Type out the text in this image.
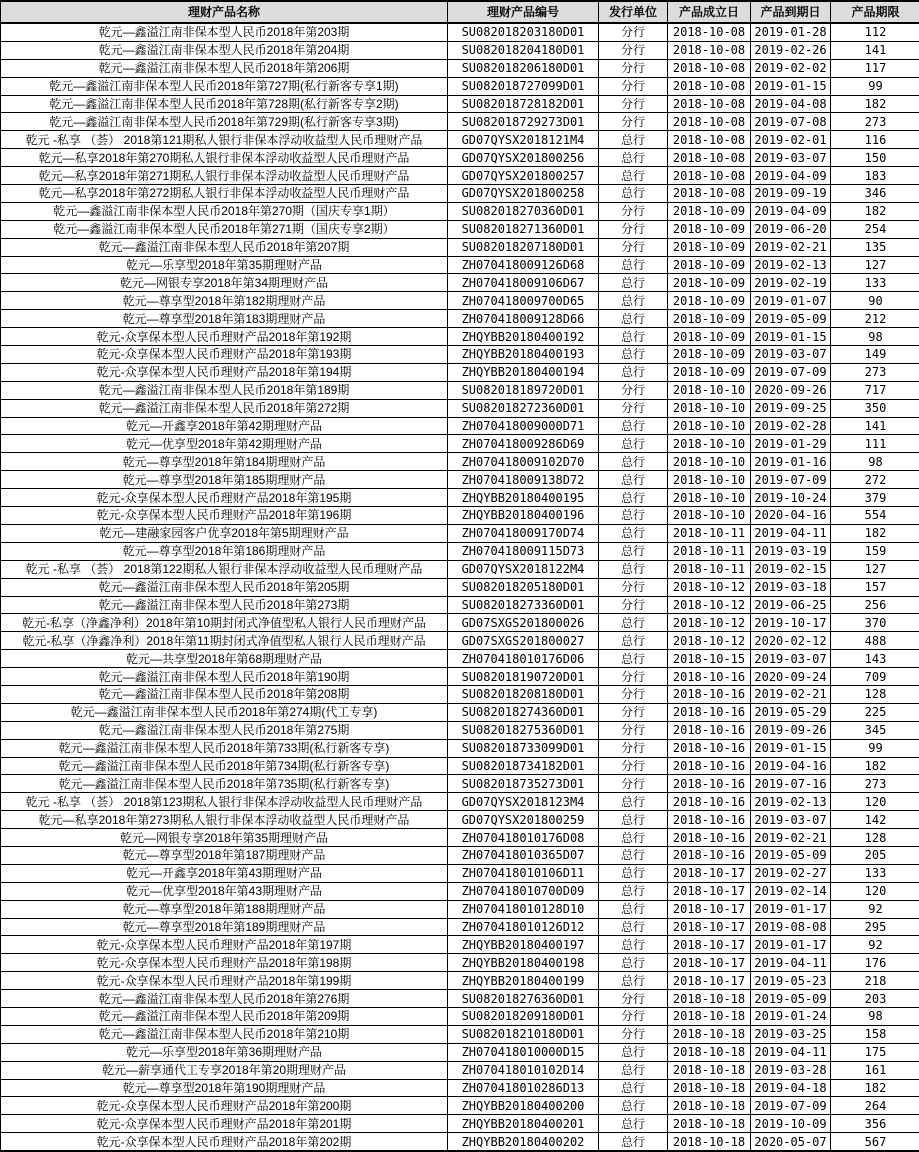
理财产品名称	理财产品编号	发行单位	产品成立日	产品到期日	产品期限
乾元—鑫溢江南非保本型人民币2018年第203期	SU082018203180D01	分行	2018-10-08 2019-01-28	112
乾元—鑫溢江南非保本型人民币2018年第204期	SU082018204180D01	分行	2018-10-08 2019-02-26	141
乾元—鑫溢江南非保本型人民币2018年第206期	SU082018206180D01	分行	2018-10-08 2019-02-02	117
乾元—鑫溢江南非保本型人民币2018年第727期(私行新客专享1期)	SU082018727099D01	分行	2018-10-08 2019-01-15	99
乾元—鑫溢江南非保本型人民币2018年第728期(私行新客专享2期)	SU082018728182D01	分行	2018-10-08 2019-04-08	182
乾元—鑫溢江南非保本型人民币2018年第729期(私行新客专享3期)	SU082018729273D01	分行	2018-10-08 2019-07-08	273
乾元 -私享 （荟） 2018第121期私人银行非保本浮动收益型人民币理财产品	GD07QYSX2018121M4	总行	2018-10-08 2019-02-01	116
乾元—私享2018年第270期私人银行非保本浮动收益型人民币理财产品	GD07QYSX201800256	总行	2018-10-08 2019-03-07	150
乾元—私享2018年第271期私人银行非保本浮动收益型人民币理财产品	GD07QYSX201800257	总行	2018-10-08 2019-04-09	183
乾元—私享2018年第272期私人银行非保本浮动收益型人民币理财产品	GD07QYSX201800258	总行	2018-10-08 2019-09-19	346
乾元—鑫溢江南非保本型人民币2018年第270期（国庆专享1期）	SU082018270360D01	分行	2018-10-09 2019-04-09	182
乾元—鑫溢江南非保本型人民币2018年第271期（国庆专享2期）	SU082018271360D01	分行	2018-10-09 2019-06-20	254
乾元—鑫溢江南非保本型人民币2018年第207期	SU082018207180D01	分行	2018-10-09 2019-02-21	135
乾元—乐享型2018年第35期理财产品	ZH070418009126D68	总行	2018-10-09 2019-02-13	127
乾元—网银专享2018年第34期理财产品	ZH070418009106D67	总行	2018-10-09 2019-02-19	133
乾元—尊享型2018年第182期理财产品	ZH070418009700D65	总行	2018-10-09 2019-01-07	90
乾元—尊享型2018年第183期理财产品	ZH070418009128D66	总行	2018-10-09 2019-05-09	212
乾元-众享保本型人民币理财产品2018年第192期	ZHQYBB20180400192	总行	2018-10-09 2019-01-15	98
乾元-众享保本型人民币理财产品2018年第193期	ZHQYBB20180400193	总行	2018-10-09 2019-03-07	149
乾元-众享保本型人民币理财产品2018年第194期	ZHQYBB20180400194	总行	2018-10-09 2019-07-09	273
乾元—鑫溢江南非保本型人民币2018年第189期	SU082018189720D01	分行	2018-10-10 2020-09-26	717
乾元—鑫溢江南非保本型人民币2018年第272期	SU082018272360D01	分行	2018-10-10 2019-09-25	350
乾元—开鑫享2018年第42期理财产品	ZH070418009000D71	总行	2018-10-10 2019-02-28	141
乾元—优享型2018年第42期理财产品	ZH070418009286D69	总行	2018-10-10 2019-01-29	111
乾元—尊享型2018年第184期理财产品	ZH070418009102D70	总行	2018-10-10 2019-01-16	98
乾元—尊享型2018年第185期理财产品	ZH070418009138D72	总行	2018-10-10 2019-07-09	272
乾元-众享保本型人民币理财产品2018年第195期	ZHQYBB20180400195	总行	2018-10-10 2019-10-24	379
乾元-众享保本型人民币理财产品2018年第196期	ZHQYBB20180400196	总行	2018-10-10 2020-04-16	554
乾元—建融家园客户优享2018年第5期理财产品	ZH070418009170D74	总行	2018-10-11 2019-04-11	182
乾元—尊享型2018年第186期理财产品	ZH070418009115D73	总行	2018-10-11 2019-03-19	159
乾元 -私享 （荟） 2018第122期私人银行非保本浮动收益型人民币理财产品	GD07QYSX2018122M4	总行	2018-10-11 2019-02-15	127
乾元—鑫溢江南非保本型人民币2018年第205期	SU082018205180D01	分行	2018-10-12 2019-03-18	157
乾元—鑫溢江南非保本型人民币2018年第273期	SU082018273360D01	分行	2018-10-12 2019-06-25	256
乾元-私享（净鑫净利）2018年第10期封闭式净值型私人银行人民币理财产品	GD07SXGS201800026	总行	2018-10-12 2019-10-17	370
乾元-私享（净鑫净利）2018年第11期封闭式净值型私人银行人民币理财产品	GD07SXGS201800027	总行	2018-10-12 2020-02-12	488
乾元—共享型2018年第68期理财产品	ZH070418010176D06	总行	2018-10-15 2019-03-07	143
乾元—鑫溢江南非保本型人民币2018年第190期	SU082018190720D01	分行	2018-10-16 2020-09-24	709
乾元—鑫溢江南非保本型人民币2018年第208期	SU082018208180D01	分行	2018-10-16 2019-02-21	128
乾元—鑫溢江南非保本型人民币2018年第274期(代工专享)	SU082018274360D01	分行	2018-10-16 2019-05-29	225
乾元—鑫溢江南非保本型人民币2018年第275期	SU082018275360D01	分行	2018-10-16 2019-09-26	345
乾元—鑫溢江南非保本型人民币2018年第733期(私行新客专享)	SU082018733099D01	分行	2018-10-16 2019-01-15	99
乾元—鑫溢江南非保本型人民币2018年第734期(私行新客专享)	SU082018734182D01	分行	2018-10-16 2019-04-16	182
乾元—鑫溢江南非保本型人民币2018年第735期(私行新客专享)	SU082018735273D01	分行	2018-10-16 2019-07-16	273
乾元 -私享 （荟） 2018第123期私人银行非保本浮动收益型人民币理财产品	GD07QYSX2018123M4	总行	2018-10-16 2019-02-13	120
乾元—私享2018年第273期私人银行非保本浮动收益型人民币理财产品	GD07QYSX201800259	总行	2018-10-16 2019-03-07	142
乾元—网银专享2018年第35期理财产品	ZH070418010176D08	总行	2018-10-16 2019-02-21	128
乾元—尊享型2018年第187期理财产品	ZH070418010365D07	总行	2018-10-16 2019-05-09	205
乾元—开鑫享2018年第43期理财产品	ZH070418010106D11	总行	2018-10-17 2019-02-27	133
乾元—优享型2018年第43期理财产品	ZH070418010700D09	总行	2018-10-17 2019-02-14	120
乾元—尊享型2018年第188期理财产品	ZH070418010128D10	总行	2018-10-17 2019-01-17	92
乾元—尊享型2018年第189期理财产品	ZH070418010126D12	总行	2018-10-17 2019-08-08	295
乾元-众享保本型人民币理财产品2018年第197期	ZHQYBB20180400197	总行	2018-10-17 2019-01-17	92
乾元-众享保本型人民币理财产品2018年第198期	ZHQYBB20180400198	总行	2018-10-17 2019-04-11	176
乾元-众享保本型人民币理财产品2018年第199期	ZHQYBB20180400199	总行	2018-10-17 2019-05-23	218
乾元—鑫溢江南非保本型人民币2018年第276期	SU082018276360D01	分行	2018-10-18 2019-05-09	203
乾元—鑫溢江南非保本型人民币2018年第209期	SU082018209180D01	分行	2018-10-18 2019-01-24	98
乾元—鑫溢江南非保本型人民币2018年第210期	SU082018210180D01	分行	2018-10-18 2019-03-25	158
乾元—乐享型2018年第36期理财产品	ZH070418010000D15	总行	2018-10-18 2019-04-11	175
乾元—薪享通代工专享2018年第20期理财产品	ZH070418010102D14	总行	2018-10-18 2019-03-28	161
乾元—尊享型2018年第190期理财产品	ZH070418010286D13	总行	2018-10-18 2019-04-18	182
乾元-众享保本型人民币理财产品2018年第200期	ZHQYBB20180400200	总行	2018-10-18 2019-07-09	264
乾元-众享保本型人民币理财产品2018年第201期	ZHQYBB20180400201	总行	2018-10-18 2019-10-09	356
乾元-众享保本型人民币理财产品2018年第202期	ZHQYBB20180400202	总行	2018-10-18 2020-05-07	567
